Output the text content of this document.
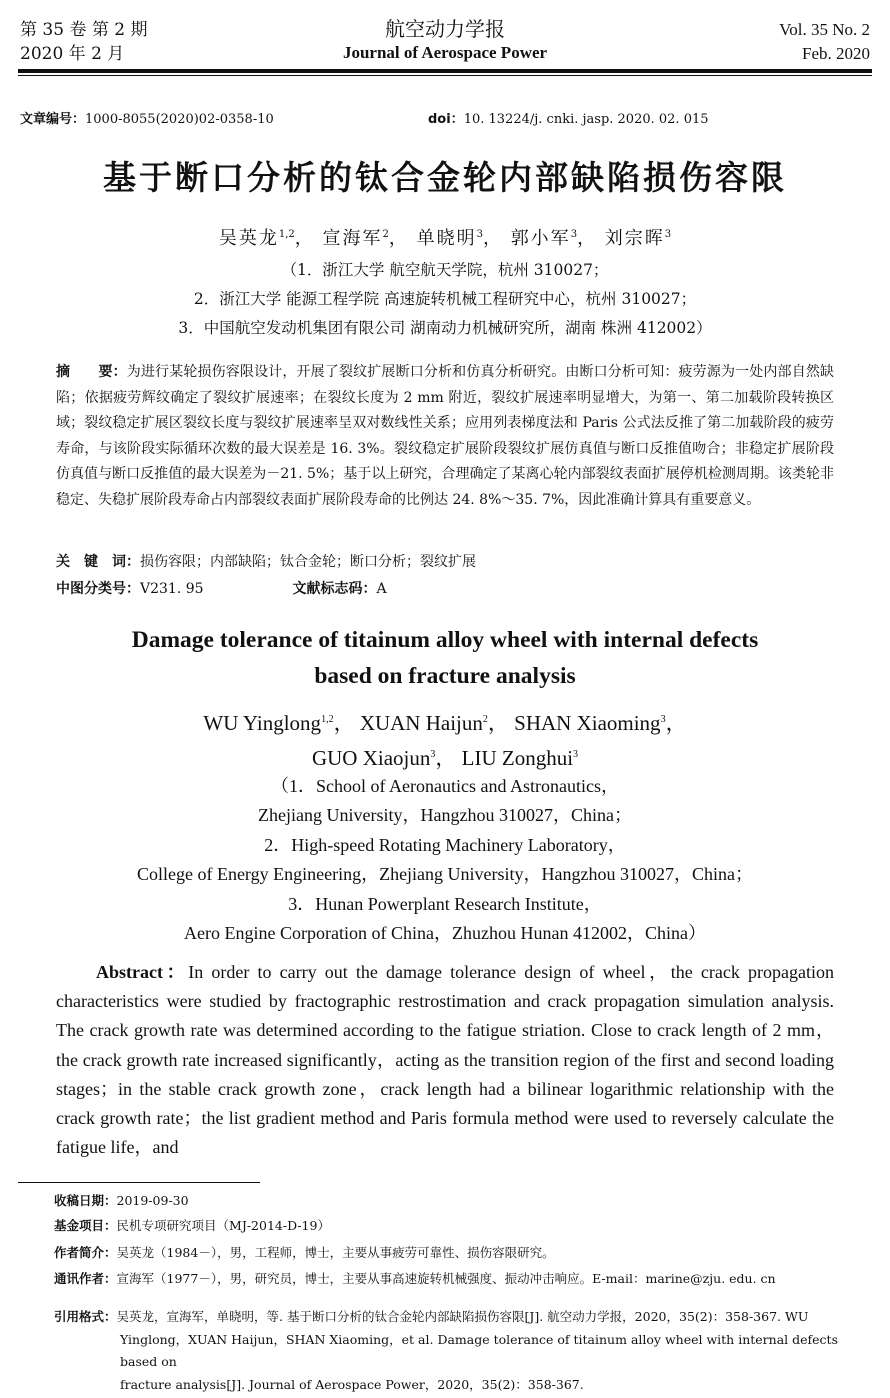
第 35 卷 第 2 期
2020 年 2 月
航空动力学报
Journal of Aerospace Power
Vol. 35 No. 2
Feb. 2020
文章编号：1000-8055(2020)02-0358-10	doi：10. 13224/j. cnki. jasp. 2020. 02. 015
基于断口分析的钛合金轮内部缺陷损伤容限
吴英龙$^{1,2}$， 宣海军$^2$， 单晓明$^3$， 郭小军$^3$， 刘宗晖$^3$
（1．浙江大学 航空航天学院，杭州 310027；
2．浙江大学 能源工程学院 高速旋转机械工程研究中心，杭州 310027；
3．中国航空发动机集团有限公司 湖南动力机械研究所，湖南 株洲 412002）
摘　　要：为进行某轮损伤容限设计，开展了裂纹扩展断口分析和仿真分析研究。由断口分析可知：疲劳源为一处内部自然缺陷；依据疲劳辉纹确定了裂纹扩展速率；在裂纹长度为 2 mm 附近，裂纹扩展速率明显增大，为第一、第二加载阶段转换区域；裂纹稳定扩展区裂纹长度与裂纹扩展速率呈双对数线性关系；应用列表梯度法和 Paris 公式法反推了第二加载阶段的疲劳寿命，与该阶段实际循环次数的最大误差是 16. 3%。裂纹稳定扩展阶段裂纹扩展仿真值与断口反推值吻合；非稳定扩展阶段仿真值与断口反推值的最大误差为－21. 5%；基于以上研究，合理确定了某离心轮内部裂纹表面扩展停机检测周期。该类轮非稳定、失稳扩展阶段寿命占内部裂纹表面扩展阶段寿命的比例达 24. 8%～35. 7%，因此准确计算具有重要意义。
关　键　词：损伤容限；内部缺陷；钛合金轮；断口分析；裂纹扩展
中图分类号：V231. 95	文献标志码：A
Damage tolerance of titainum alloy wheel with internal defects
based on fracture analysis
WU Yinglong$^{1,2}$， XUAN Haijun$^2$， SHAN Xiaoming$^3$，
GUO Xiaojun$^3$， LIU Zonghui$^3$
（1．School of Aeronautics and Astronautics，
Zhejiang University，Hangzhou 310027，China；
2．High-speed Rotating Machinery Laboratory，
College of Energy Engineering，Zhejiang University，Hangzhou 310027，China；
3．Hunan Powerplant Research Institute，
Aero Engine Corporation of China，Zhuzhou Hunan 412002，China）
Abstract：In order to carry out the damage tolerance design of wheel，the crack propagation characteristics were studied by fractographic restrostimation and crack propagation simulation analysis. The crack growth rate was determined according to the fatigue striation. Close to crack length of 2 mm，the crack growth rate increased significantly，acting as the transition region of the first and second loading stages；in the stable crack growth zone，crack length had a bilinear logarithmic relationship with the crack growth rate；the list gradient method and Paris formula method were used to reversely calculate the fatigue life，and
收稿日期：2019-09-30
基金项目：民机专项研究项目（MJ-2014-D-19）
作者简介：吴英龙（1984－），男，工程师，博士，主要从事疲劳可靠性、损伤容限研究。
通讯作者：宣海军（1977－），男，研究员，博士，主要从事高速旋转机械强度、振动冲击响应。E-mail：marine@zju. edu. cn
引用格式：吴英龙，宣海军，单晓明，等. 基于断口分析的钛合金轮内部缺陷损伤容限[J]. 航空动力学报，2020，35(2)：358-367. WU
Yinglong，XUAN Haijun，SHAN Xiaoming，et al. Damage tolerance of titainum alloy wheel with internal defects based on
fracture analysis[J]. Journal of Aerospace Power，2020，35(2)：358-367.
